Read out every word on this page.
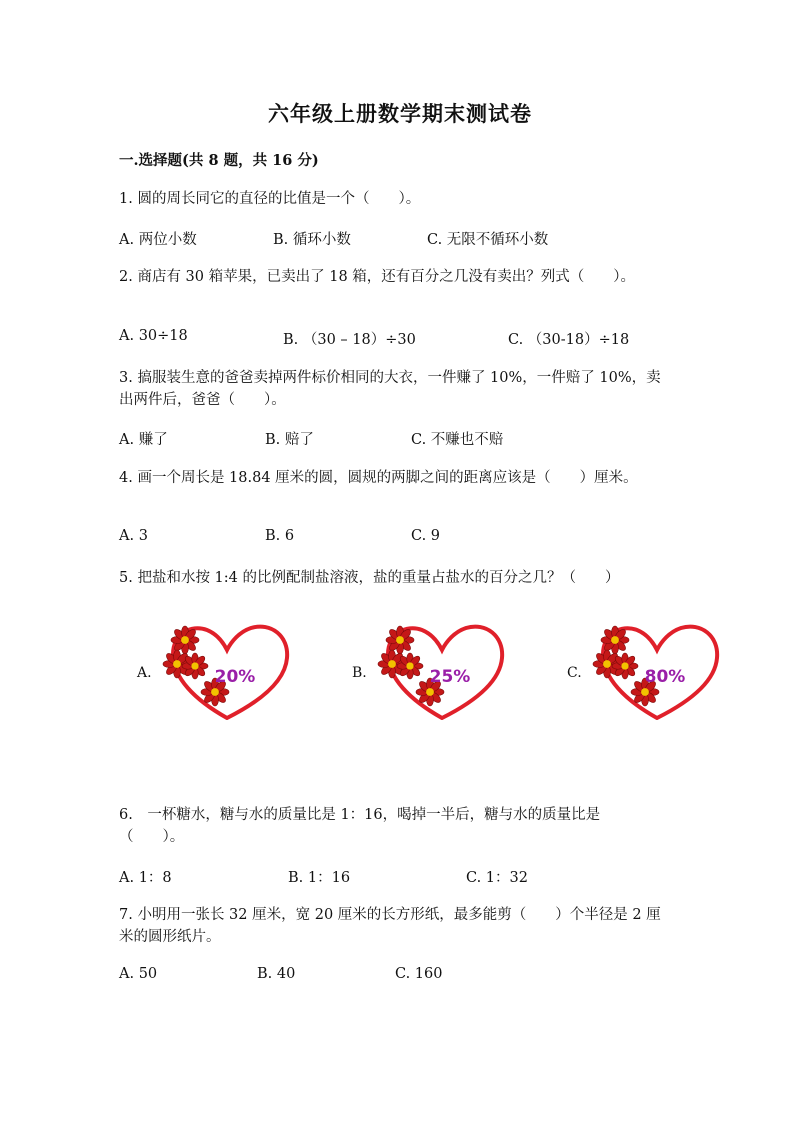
六年级上册数学期末测试卷
一.选择题(共 8 题，共 16 分)
1. 圆的周长同它的直径的比值是一个（　　）。
A. 两位小数	B. 循环小数	C. 无限不循环小数
2. 商店有 30 箱苹果，已卖出了 18 箱，还有百分之几没有卖出？列式（　　）。
A. 30÷18	B. （30 – 18）÷30	C. （30-18）÷18
3. 搞服装生意的爸爸卖掉两件标价相同的大衣，一件赚了 10%，一件赔了 10%，卖出两件后，爸爸（　　）。
A. 赚了	B. 赔了	C. 不赚也不赔
4. 画一个周长是 18.84 厘米的圆，圆规的两脚之间的距离应该是（　　）厘米。
A. 3	B. 6	C. 9
5. 把盐和水按 1:4 的比例配制盐溶液，盐的重量占盐水的百分之几？（　　）
A.	20%	B.	25%	C.	80%
6.　一杯糖水，糖与水的质量比是 1：16，喝掉一半后，糖与水的质量比是（　　）。
A. 1：8	B. 1：16	C. 1：32
7. 小明用一张长 32 厘米，宽 20 厘米的长方形纸，最多能剪（　　）个半径是 2 厘米的圆形纸片。
A. 50	B. 40	C. 160
